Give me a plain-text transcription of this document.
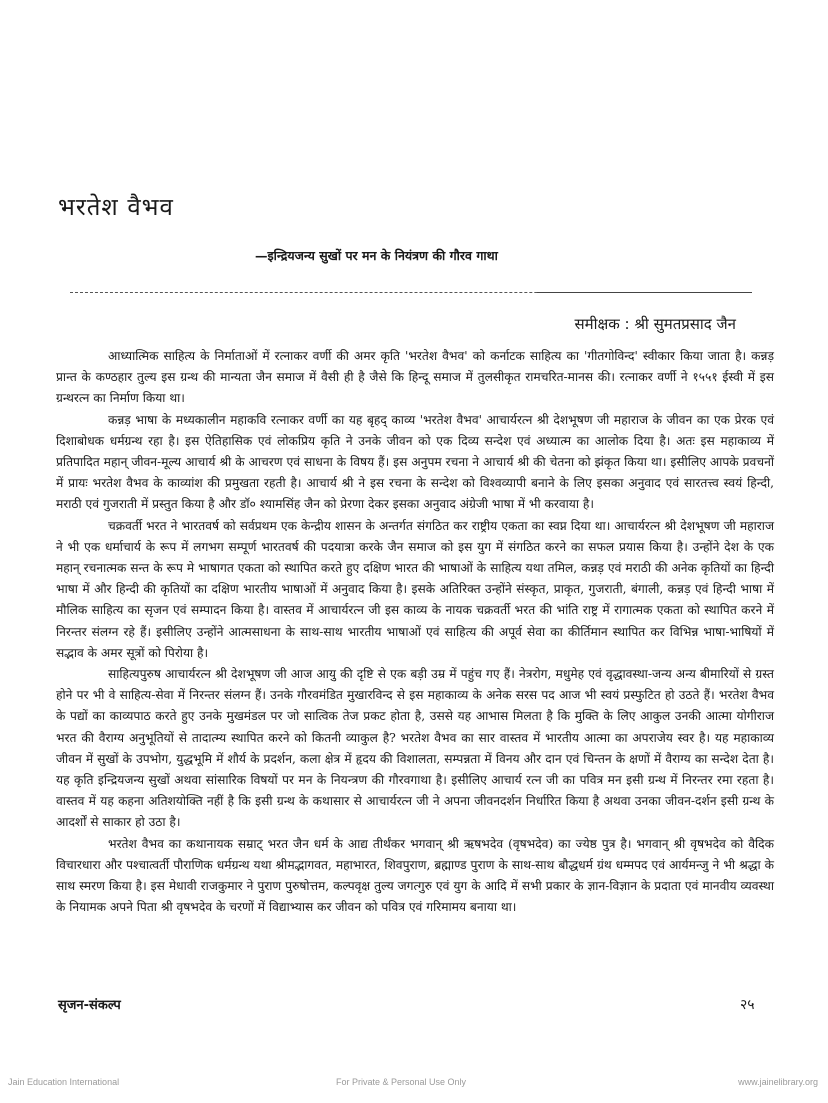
भरतेश वैभव
—इन्द्रियजन्य सुखों पर मन के नियंत्रण की गौरव गाथा
समीक्षक : श्री सुमतप्रसाद जैन

आध्यात्मिक साहित्य के निर्माताओं में रत्नाकर वर्णी की अमर कृति 'भरतेश वैभव' को कर्नाटक साहित्य का 'गीतगोविन्द' स्वीकार किया जाता है। कन्नड़ प्रान्त के कण्ठहार तुल्य इस ग्रन्थ की मान्यता जैन समाज में वैसी ही है जैसे कि हिन्दू समाज में तुलसीकृत रामचरित-मानस की। रत्नाकर वर्णी ने १५५१ ईस्वी में इस ग्रन्थरत्न का निर्माण किया था।

कन्नड़ भाषा के मध्यकालीन महाकवि रत्नाकर वर्णी का यह बृहद् काव्य 'भरतेश वैभव' आचार्यरत्न श्री देशभूषण जी महाराज के जीवन का एक प्रेरक एवं दिशाबोधक धर्मग्रन्थ रहा है। इस ऐतिहासिक एवं लोकप्रिय कृति ने उनके जीवन को एक दिव्य सन्देश एवं अध्यात्म का आलोक दिया है। अतः इस महाकाव्य में प्रतिपादित महान् जीवन-मूल्य आचार्य श्री के आचरण एवं साधना के विषय हैं। इस अनुपम रचना ने आचार्य श्री की चेतना को झंकृत किया था। इसीलिए आपके प्रवचनों में प्रायः भरतेश वैभव के काव्यांश की प्रमुखता रहती है। आचार्य श्री ने इस रचना के सन्देश को विश्वव्यापी बनाने के लिए इसका अनुवाद एवं सारतत्त्व स्वयं हिन्दी, मराठी एवं गुजराती में प्रस्तुत किया है और डॉ० श्यामसिंह जैन को प्रेरणा देकर इसका अनुवाद अंग्रेजी भाषा में भी करवाया है।

चक्रवर्ती भरत ने भारतवर्ष को सर्वप्रथम एक केन्द्रीय शासन के अन्तर्गत संगठित कर राष्ट्रीय एकता का स्वप्न दिया था। आचार्यरत्न श्री देशभूषण जी महाराज ने भी एक धर्माचार्य के रूप में लगभग सम्पूर्ण भारतवर्ष की पदयात्रा करके जैन समाज को इस युग में संगठित करने का सफल प्रयास किया है। उन्होंने देश के एक महान् रचनात्मक सन्त के रूप मे भाषागत एकता को स्थापित करते हुए दक्षिण भारत की भाषाओं के साहित्य यथा तमिल, कन्नड़ एवं मराठी की अनेक कृतियों का हिन्दी भाषा में और हिन्दी की कृतियों का दक्षिण भारतीय भाषाओं में अनुवाद किया है। इसके अतिरिक्त उन्होंने संस्कृत, प्राकृत, गुजराती, बंगाली, कन्नड़ एवं हिन्दी भाषा में मौलिक साहित्य का सृजन एवं सम्पादन किया है। वास्तव में आचार्यरत्न जी इस काव्य के नायक चक्रवर्ती भरत की भांति राष्ट्र में रागात्मक एकता को स्थापित करने में निरन्तर संलग्न रहे हैं। इसीलिए उन्होंने आत्मसाधना के साथ-साथ भारतीय भाषाओं एवं साहित्य की अपूर्व सेवा का कीर्तिमान स्थापित कर विभिन्न भाषा-भाषियों में सद्भाव के अमर सूत्रों को पिरोया है।

साहित्यपुरुष आचार्यरत्न श्री देशभूषण जी आज आयु की दृष्टि से एक बड़ी उम्र में पहुंच गए हैं। नेत्ररोग, मधुमेह एवं वृद्धावस्था-जन्य अन्य बीमारियों से ग्रस्त होने पर भी वे साहित्य-सेवा में निरन्तर संलग्न हैं। उनके गौरवमंडित मुखारविन्द से इस महाकाव्य के अनेक सरस पद आज भी स्वयं प्रस्फुटित हो उठते हैं। भरतेश वैभव के पद्यों का काव्यपाठ करते हुए उनके मुखमंडल पर जो सात्विक तेज प्रकट होता है, उससे यह आभास मिलता है कि मुक्ति के लिए आकुल उनकी आत्मा योगीराज भरत की वैराग्य अनुभूतियों से तादात्म्य स्थापित करने को कितनी व्याकुल है? भरतेश वैभव का सार वास्तव में भारतीय आत्मा का अपराजेय स्वर है। यह महाकाव्य जीवन में सुखों के उपभोग, युद्धभूमि में शौर्य के प्रदर्शन, कला क्षेत्र में हृदय की विशालता, सम्पन्नता में विनय और दान एवं चिन्तन के क्षणों में वैराग्य का सन्देश देता है। यह कृति इन्द्रियजन्य सुखों अथवा सांसारिक विषयों पर मन के नियन्त्रण की गौरवगाथा है। इसीलिए आचार्य रत्न जी का पवित्र मन इसी ग्रन्थ में निरन्तर रमा रहता है। वास्तव में यह कहना अतिशयोक्ति नहीं है कि इसी ग्रन्थ के कथासार से आचार्यरत्न जी ने अपना जीवनदर्शन निर्धारित किया है अथवा उनका जीवन-दर्शन इसी ग्रन्थ के आदर्शों से साकार हो उठा है।

भरतेश वैभव का कथानायक सम्राट् भरत जैन धर्म के आद्य तीर्थंकर भगवान् श्री ऋषभदेव (वृषभदेव) का ज्येष्ठ पुत्र है। भगवान् श्री वृषभदेव को वैदिक विचारधारा और पश्चात्वर्ती पौराणिक धर्मग्रन्थ यथा श्रीमद्भागवत, महाभारत, शिवपुराण, ब्रह्माण्ड पुराण के साथ-साथ बौद्धधर्म ग्रंथ धम्मपद एवं आर्यमन्जु ने भी श्रद्धा के साथ स्मरण किया है। इस मेधावी राजकुमार ने पुराण पुरुषोत्तम, कल्पवृक्ष तुल्य जगत्गुरु एवं युग के आदि में सभी प्रकार के ज्ञान-विज्ञान के प्रदाता एवं मानवीय व्यवस्था के नियामक अपने पिता श्री वृषभदेव के चरणों में विद्याभ्यास कर जीवन को पवित्र एवं गरिमामय बनाया था।

सृजन-संकल्प	२५
Jain Education International	For Private & Personal Use Only	www.jainelibrary.org
